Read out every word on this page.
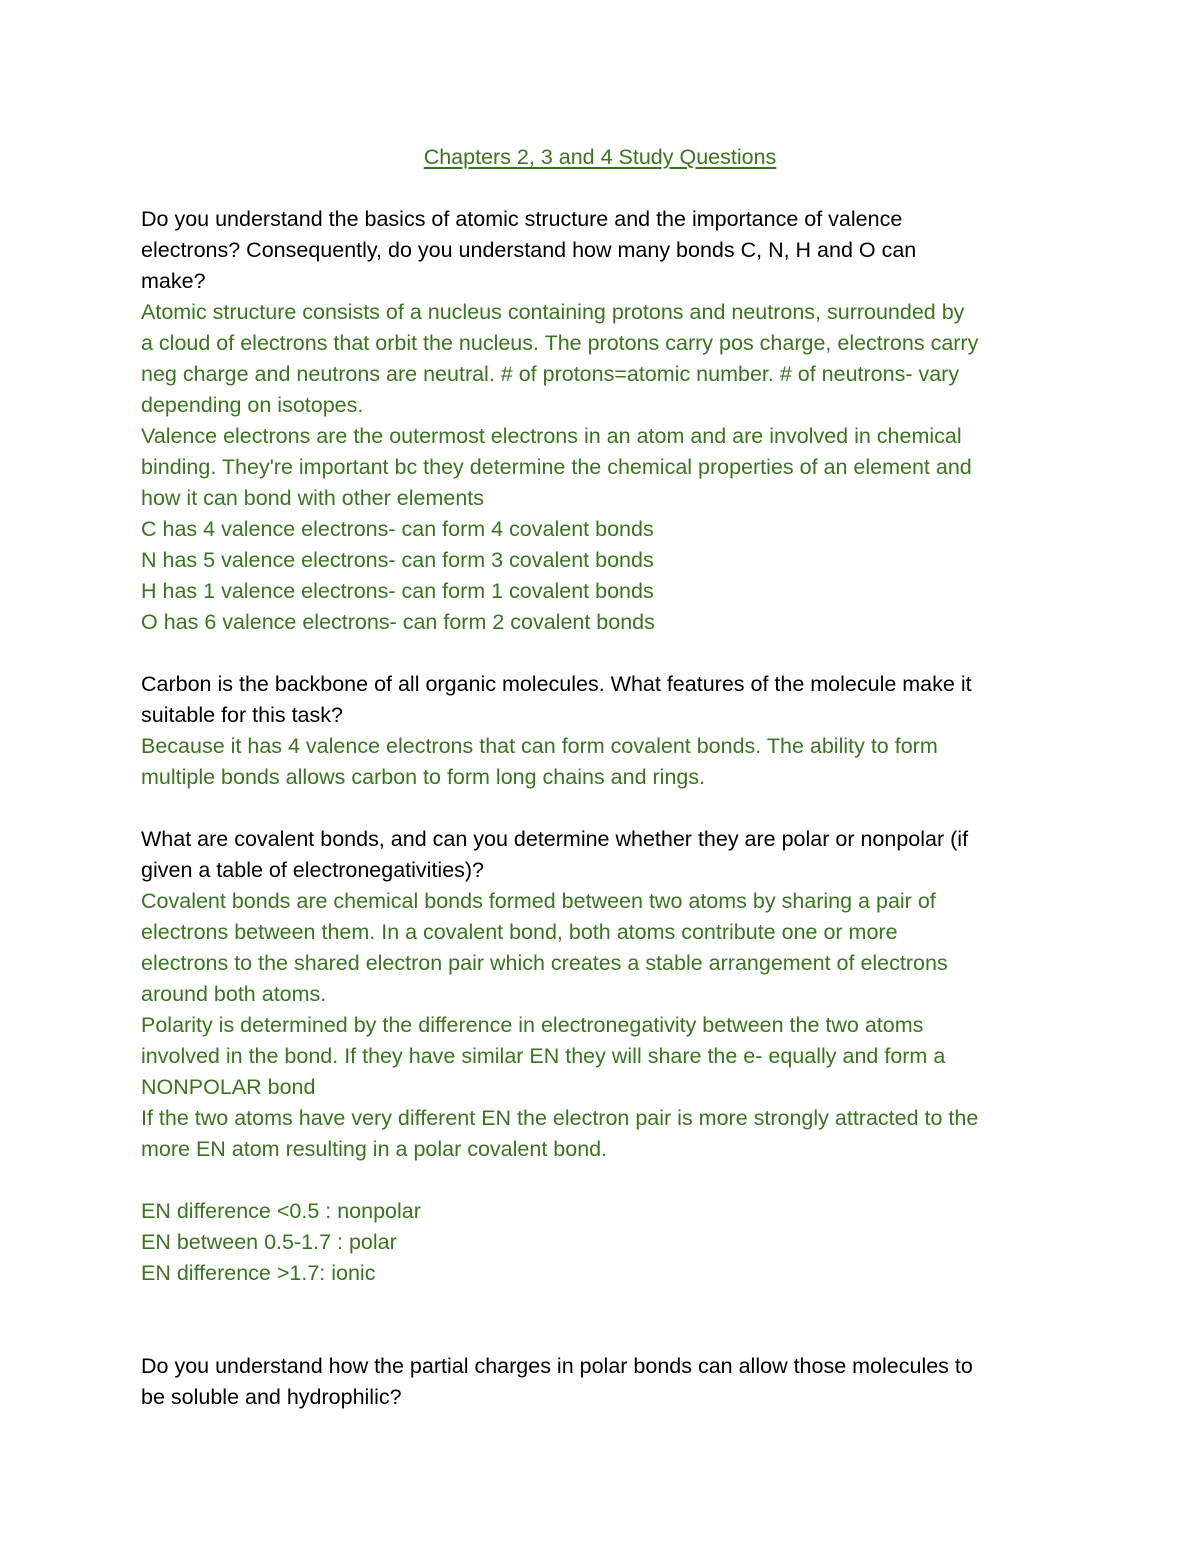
Chapters 2, 3 and 4 Study Questions
Do you understand the basics of atomic structure and the importance of valence
electrons? Consequently, do you understand how many bonds C, N, H and O can
make?
Atomic structure consists of a nucleus containing protons and neutrons, surrounded by
a cloud of electrons that orbit the nucleus. The protons carry pos charge, electrons carry
neg charge and neutrons are neutral. # of protons=atomic number. # of neutrons- vary
depending on isotopes.
Valence electrons are the outermost electrons in an atom and are involved in chemical
binding. They're important bc they determine the chemical properties of an element and
how it can bond with other elements
C has 4 valence electrons- can form 4 covalent bonds
N has 5 valence electrons- can form 3 covalent bonds
H has 1 valence electrons- can form 1 covalent bonds
O has 6 valence electrons- can form 2 covalent bonds
Carbon is the backbone of all organic molecules. What features of the molecule make it
suitable for this task?
Because it has 4 valence electrons that can form covalent bonds. The ability to form
multiple bonds allows carbon to form long chains and rings.
What are covalent bonds, and can you determine whether they are polar or nonpolar (if
given a table of electronegativities)?
Covalent bonds are chemical bonds formed between two atoms by sharing a pair of
electrons between them. In a covalent bond, both atoms contribute one or more
electrons to the shared electron pair which creates a stable arrangement of electrons
around both atoms.
Polarity is determined by the difference in electronegativity between the two atoms
involved in the bond. If they have similar EN they will share the e- equally and form a
NONPOLAR bond
If the two atoms have very different EN the electron pair is more strongly attracted to the
more EN atom resulting in a polar covalent bond.
EN difference <0.5 : nonpolar
EN between 0.5-1.7 : polar
EN difference >1.7: ionic
Do you understand how the partial charges in polar bonds can allow those molecules to
be soluble and hydrophilic?
